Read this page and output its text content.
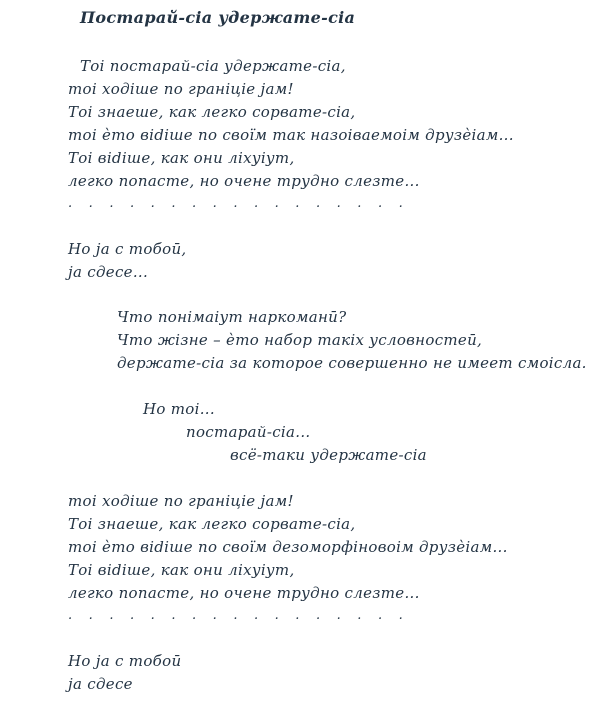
Постарай-сіа удержате-сіа
Тоі постарай-сіа удержате-сіа,
тоі ходіше по граніціе јам!
Тоі знаеше, как легко сорвате-сіа,
тоі ѐто віdіше по своїм так назоіваемоім друзѐіам...
Тоі віdіше, как они ліхуіут,
легко попасте, но очене трудно слезте...
. . . . . . . . . . . . . . . . .
Но ја с тобоӣ,
ја сдесе...
Что понімаіут наркоманӣ?
Что жізне – ѐто набор такіх условностеӣ,
держате-сіа за которое совершенно не имеет смоісла.
Но тоі...
постарай-сіа...
всё-таки удержате-сіа
тоі ходіше по граніціе јам!
Тоі знаеше, как легко сорвате-сіа,
тоі ѐто віdіше по своїм дезоморфіновоім друзѐіам...
Тоі віdіше, как они ліхуіут,
легко попасте, но очене трудно слезте...
. . . . . . . . . . . . . . . . .
Но ја с тобоӣ
ја сдесе
